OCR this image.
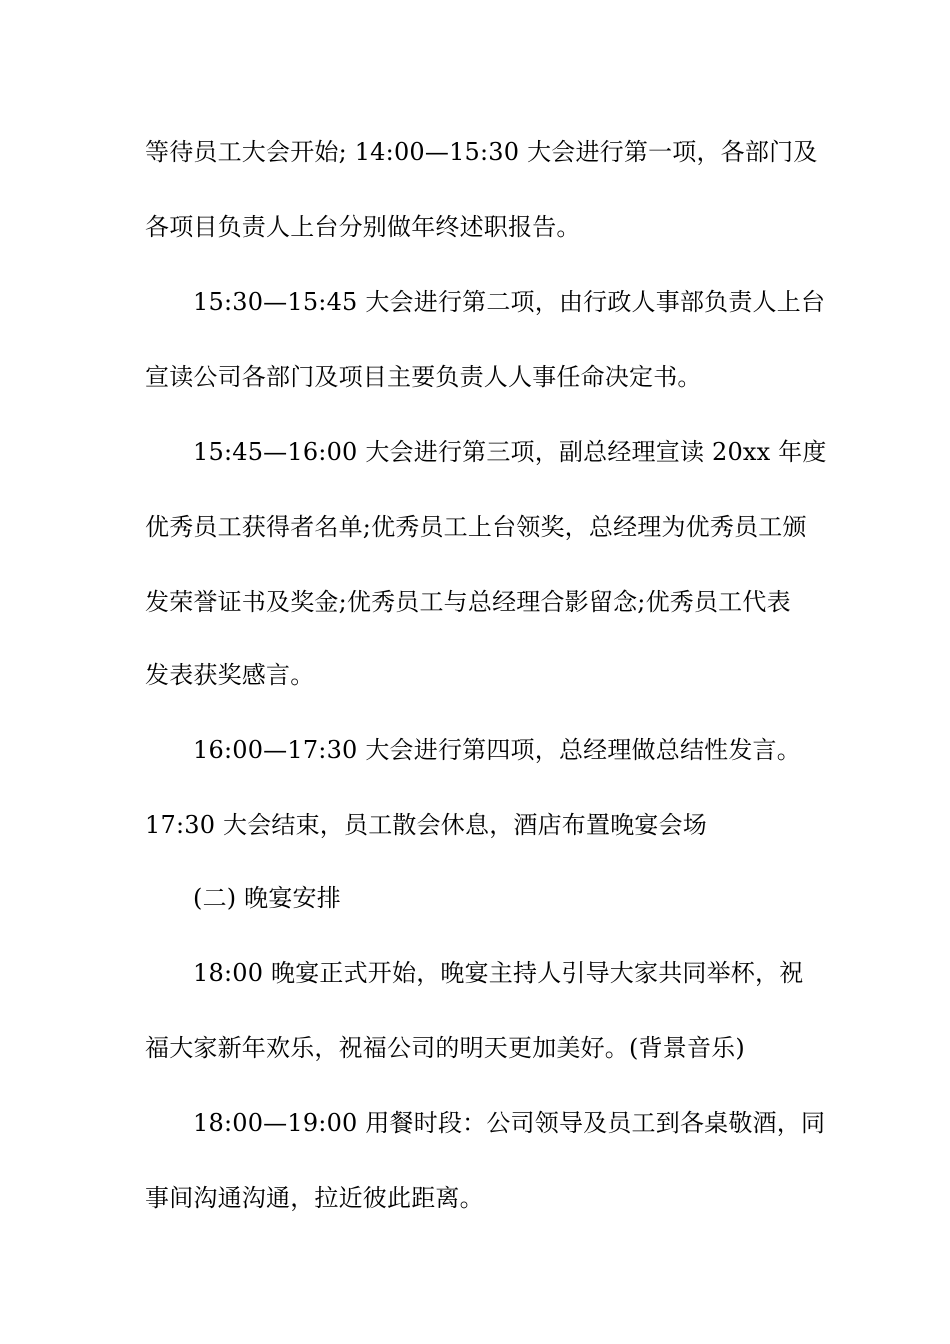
等待员工大会开始; 14:00—15:30 大会进行第一项，各部门及
各项目负责人上台分别做年终述职报告。
15:30—15:45 大会进行第二项，由行政人事部负责人上台
宣读公司各部门及项目主要负责人人事任命决定书。
15:45—16:00 大会进行第三项，副总经理宣读 20xx 年度
优秀员工获得者名单;优秀员工上台领奖，总经理为优秀员工颁
发荣誉证书及奖金;优秀员工与总经理合影留念;优秀员工代表
发表获奖感言。
16:00—17:30 大会进行第四项，总经理做总结性发言。
17:30 大会结束，员工散会休息，酒店布置晚宴会场
(二) 晚宴安排
18:00 晚宴正式开始，晚宴主持人引导大家共同举杯，祝
福大家新年欢乐，祝福公司的明天更加美好。(背景音乐)
18:00—19:00 用餐时段：公司领导及员工到各桌敬酒，同
事间沟通沟通，拉近彼此距离。
